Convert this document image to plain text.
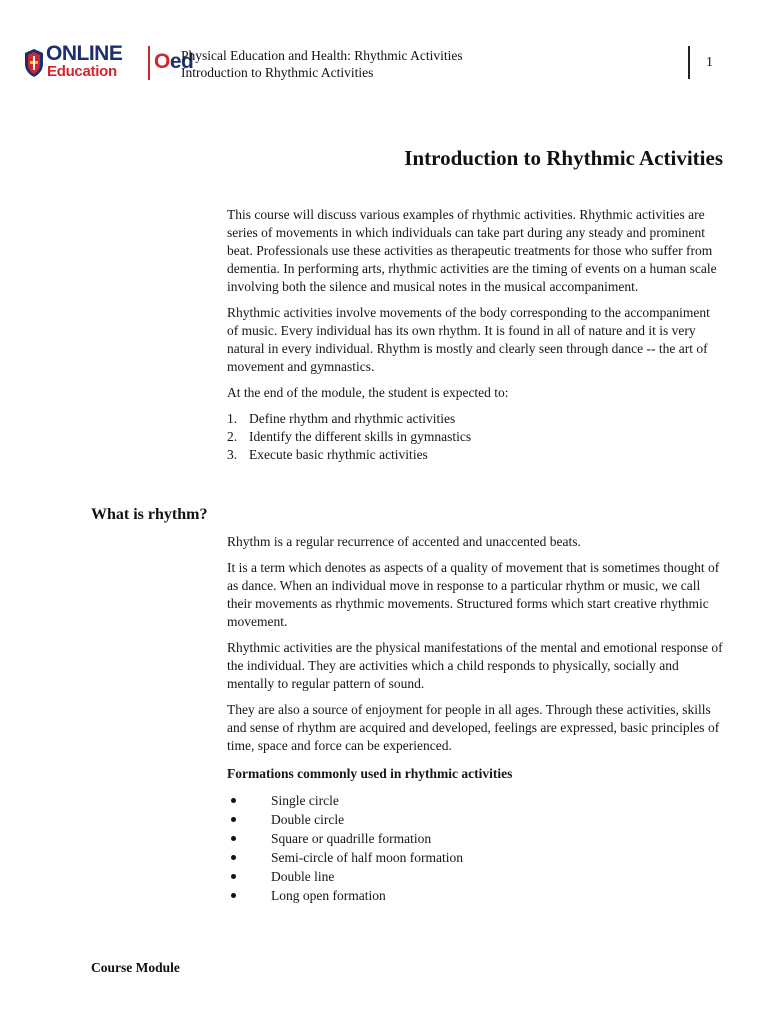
ONLINE
Education Oed
Physical Education and Health: Rhythmic Activities
Introduction to Rhythmic Activities
1
Introduction to Rhythmic Activities

This course will discuss various examples of rhythmic activities. Rhythmic activities are series of movements in which individuals can take part during any steady and prominent beat. Professionals use these activities as therapeutic treatments for those who suffer from dementia. In performing arts, rhythmic activities are the timing of events on a human scale involving both the silence and musical notes in the musical accompaniment.

Rhythmic activities involve movements of the body corresponding to the accompaniment of music. Every individual has its own rhythm. It is found in all of nature and it is very natural in every individual. Rhythm is mostly and clearly seen through dance -- the art of movement and gymnastics.

At the end of the module, the student is expected to:

1. Define rhythm and rhythmic activities
2. Identify the different skills in gymnastics
3. Execute basic rhythmic activities
What is rhythm?

Rhythm is a regular recurrence of accented and unaccented beats.

It is a term which denotes as aspects of a quality of movement that is sometimes thought of as dance. When an individual move in response to a particular rhythm or music, we call their movements as rhythmic movements. Structured forms which start creative rhythmic movement.

Rhythmic activities are the physical manifestations of the mental and emotional response of the individual. They are activities which a child responds to physically, socially and mentally to regular pattern of sound.

They are also a source of enjoyment for people in all ages. Through these activities, skills and sense of rhythm are acquired and developed, feelings are expressed, basic principles of time, space and force can be experienced.

Formations commonly used in rhythmic activities

Single circle
Double circle
Square or quadrille formation
Semi-circle of half moon formation
Double line
Long open formation
Course Module
